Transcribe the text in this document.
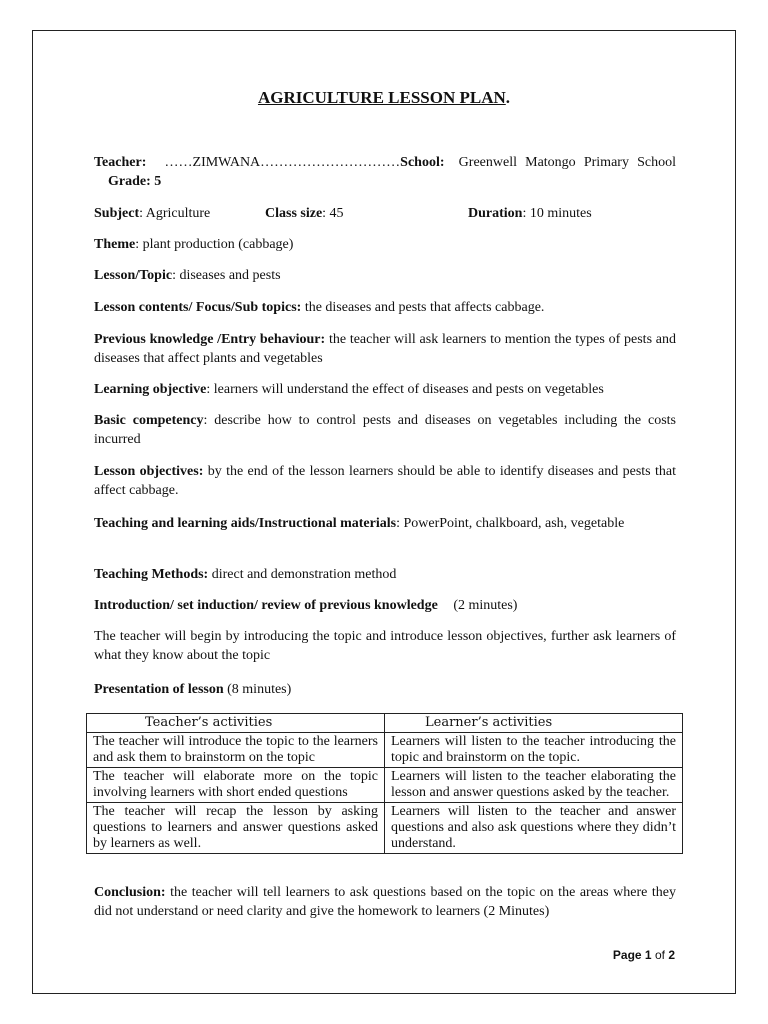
AGRICULTURE LESSON PLAN.
Teacher: ……ZIMWANA…………………………School: Greenwell Matongo Primary School Grade: 5
Subject: Agriculture	Class size: 45	Duration: 10 minutes
Theme: plant production (cabbage)
Lesson/Topic: diseases and pests
Lesson contents/ Focus/Sub topics: the diseases and pests that affects cabbage.
Previous knowledge /Entry behaviour: the teacher will ask learners to mention the types of pests and diseases that affect plants and vegetables
Learning objective: learners will understand the effect of diseases and pests on vegetables
Basic competency: describe how to control pests and diseases on vegetables including the costs incurred
Lesson objectives: by the end of the lesson learners should be able to identify diseases and pests that affect cabbage.
Teaching and learning aids/Instructional materials: PowerPoint, chalkboard, ash, vegetable
Teaching Methods: direct and demonstration method
Introduction/ set induction/ review of previous knowledge (2 minutes)
The teacher will begin by introducing the topic and introduce lesson objectives, further ask learners of what they know about the topic
Presentation of lesson (8 minutes)
Teacher’s activities	Learner’s activities
The teacher will introduce the topic to the learners and ask them to brainstorm on the topic	Learners will listen to the teacher introducing the topic and brainstorm on the topic.
The teacher will elaborate more on the topic involving learners with short ended questions	Learners will listen to the teacher elaborating the lesson and answer questions asked by the teacher.
The teacher will recap the lesson by asking questions to learners and answer questions asked by learners as well.	Learners will listen to the teacher and answer questions and also ask questions where they didn’t understand.
Conclusion: the teacher will tell learners to ask questions based on the topic on the areas where they did not understand or need clarity and give the homework to learners (2 Minutes)
Page 1 of 2
